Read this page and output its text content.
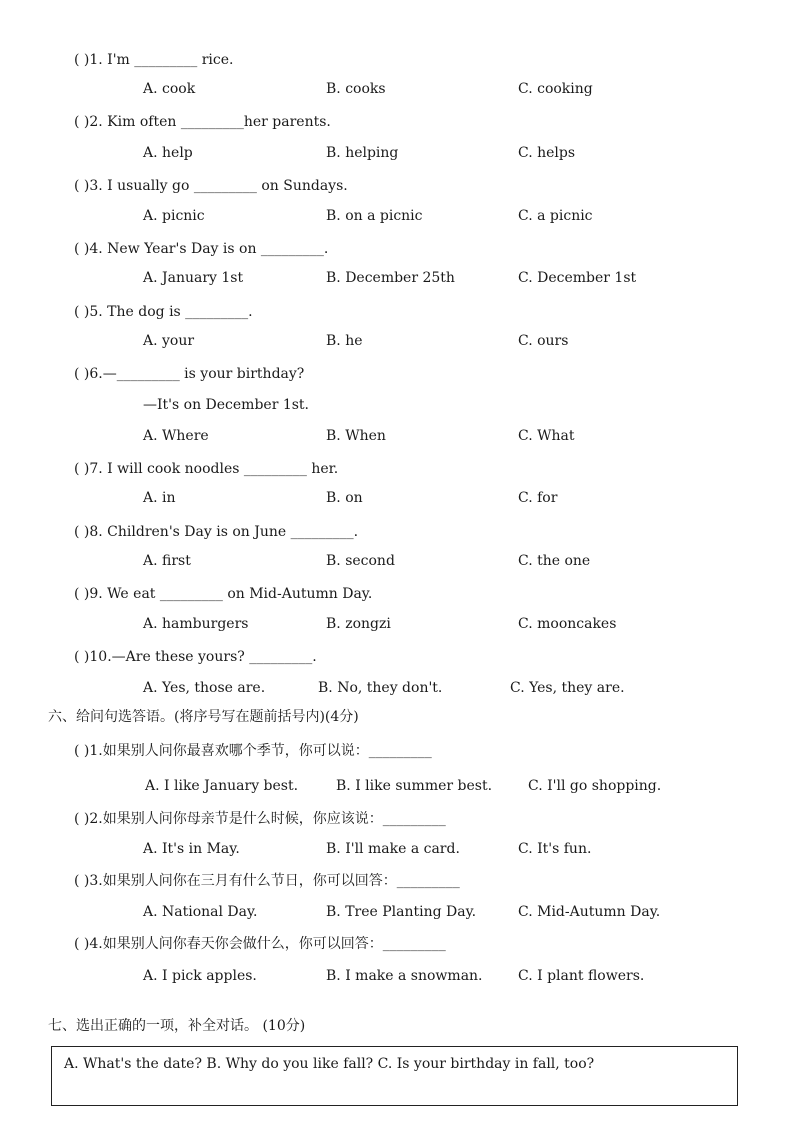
( )1. I'm _________ rice.
A. cook	B. cooks	C. cooking
( )2. Kim often _________her parents.
A. help	B. helping	C. helps
( )3. I usually go _________ on Sundays.
A. picnic	B. on a picnic	C. a picnic
( )4. New Year's Day is on _________.
A. January 1st	B. December 25th	C. December 1st
( )5. The dog is _________.
A. your	B. he	C. ours
( )6.—_________ is your birthday?
—It's on December 1st.
A. Where	B. When	C. What
( )7. I will cook noodles _________ her.
A. in	B. on	C. for
( )8. Children's Day is on June _________.
A. first	B. second	C. the one
( )9. We eat _________ on Mid-Autumn Day.
A. hamburgers	B. zongzi	C. mooncakes
( )10.—Are these yours? _________.
A. Yes, those are.	B. No, they don't.	C. Yes, they are.
六、给问句选答语。(将序号写在题前括号内)(4分)
( )1.如果别人问你最喜欢哪个季节，你可以说：_________
A. I like January best.	B. I like summer best.	C. I'll go shopping.
( )2.如果别人问你母亲节是什么时候，你应该说：_________
A. It's in May.	B. I'll make a card.	C. It's fun.
( )3.如果别人问你在三月有什么节日，你可以回答：_________
A. National Day.	B. Tree Planting Day.	C. Mid-Autumn Day.
( )4.如果别人问你春天你会做什么，你可以回答：_________
A. I pick apples.	B. I make a snowman.	C. I plant flowers.
七、选出正确的一项，补全对话。 (10分)
A. What's the date? B. Why do you like fall? C. Is your birthday in fall, too?
